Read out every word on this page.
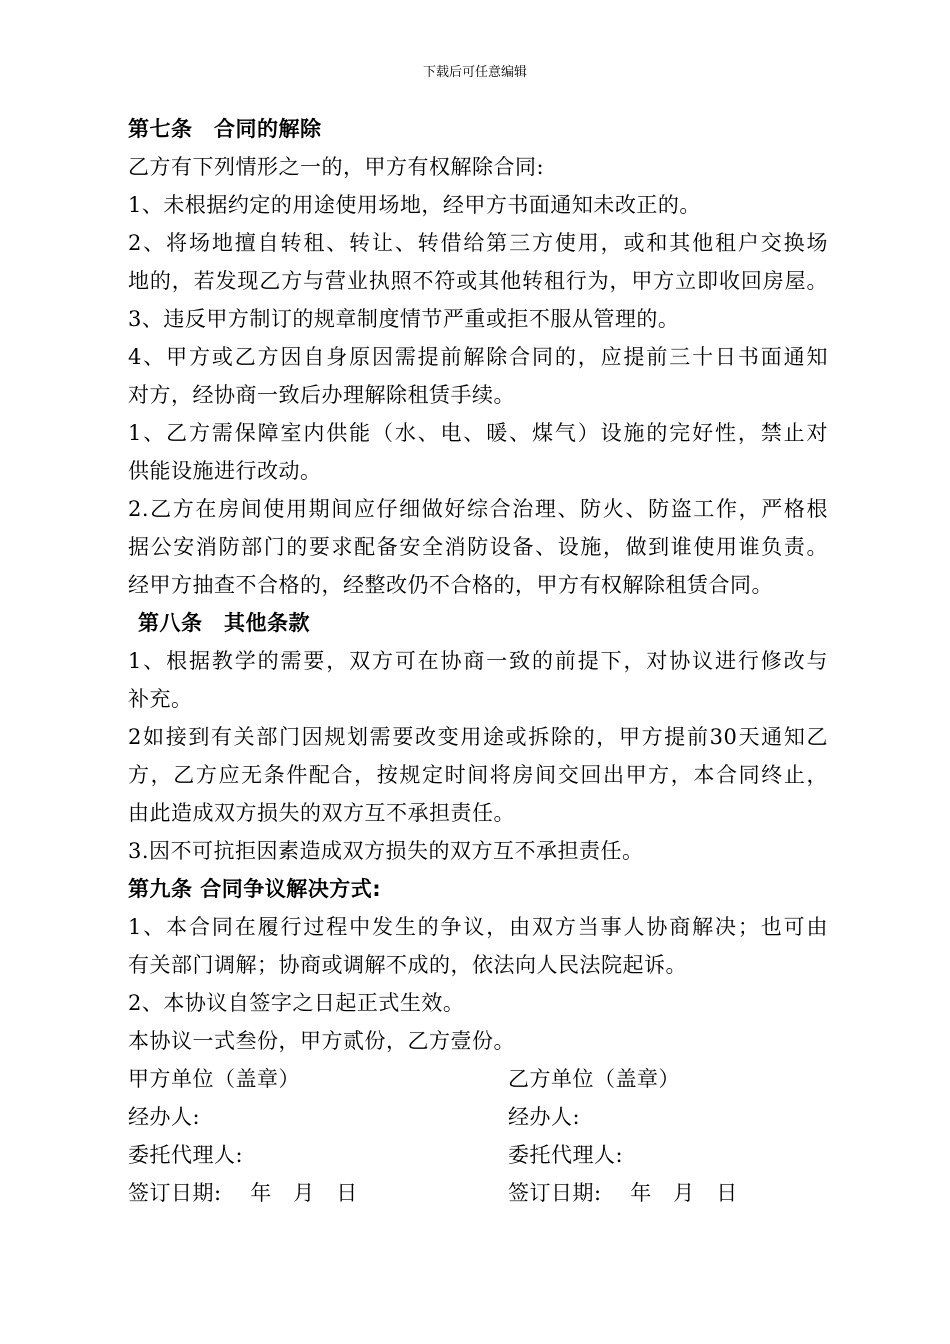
下载后可任意编辑
第七条　合同的解除
乙方有下列情形之一的，甲方有权解除合同:
1、未根据约定的用途使用场地，经甲方书面通知未改正的。
2、将场地擅自转租、转让、转借给第三方使用，或和其他租户交换场
地的，若发现乙方与营业执照不符或其他转租行为，甲方立即收回房屋。
3、违反甲方制订的规章制度情节严重或拒不服从管理的。
4、甲方或乙方因自身原因需提前解除合同的，应提前三十日书面通知
对方，经协商一致后办理解除租赁手续。
1、乙方需保障室内供能（水、电、暖、煤气）设施的完好性，禁止对
供能设施进行改动。
2.乙方在房间使用期间应仔细做好综合治理、防火、防盗工作，严格根
据公安消防部门的要求配备安全消防设备、设施，做到谁使用谁负责。
经甲方抽查不合格的，经整改仍不合格的，甲方有权解除租赁合同。
第八条　其他条款
1、根据教学的需要，双方可在协商一致的前提下，对协议进行修改与
补充。
2如接到有关部门因规划需要改变用途或拆除的，甲方提前30天通知乙
方，乙方应无条件配合，按规定时间将房间交回出甲方，本合同终止，
由此造成双方损失的双方互不承担责任。
3.因不可抗拒因素造成双方损失的双方互不承担责任。
第九条 合同争议解决方式:
1、本合同在履行过程中发生的争议，由双方当事人协商解决；也可由
有关部门调解；协商或调解不成的，依法向人民法院起诉。
2、本协议自签字之日起正式生效。
本协议一式叁份，甲方贰份，乙方壹份。
甲方单位（盖章）	乙方单位（盖章）
经办人:	经办人:
委托代理人:	委托代理人:
签订日期:　 年　月　日	签订日期:　 年　月　日
